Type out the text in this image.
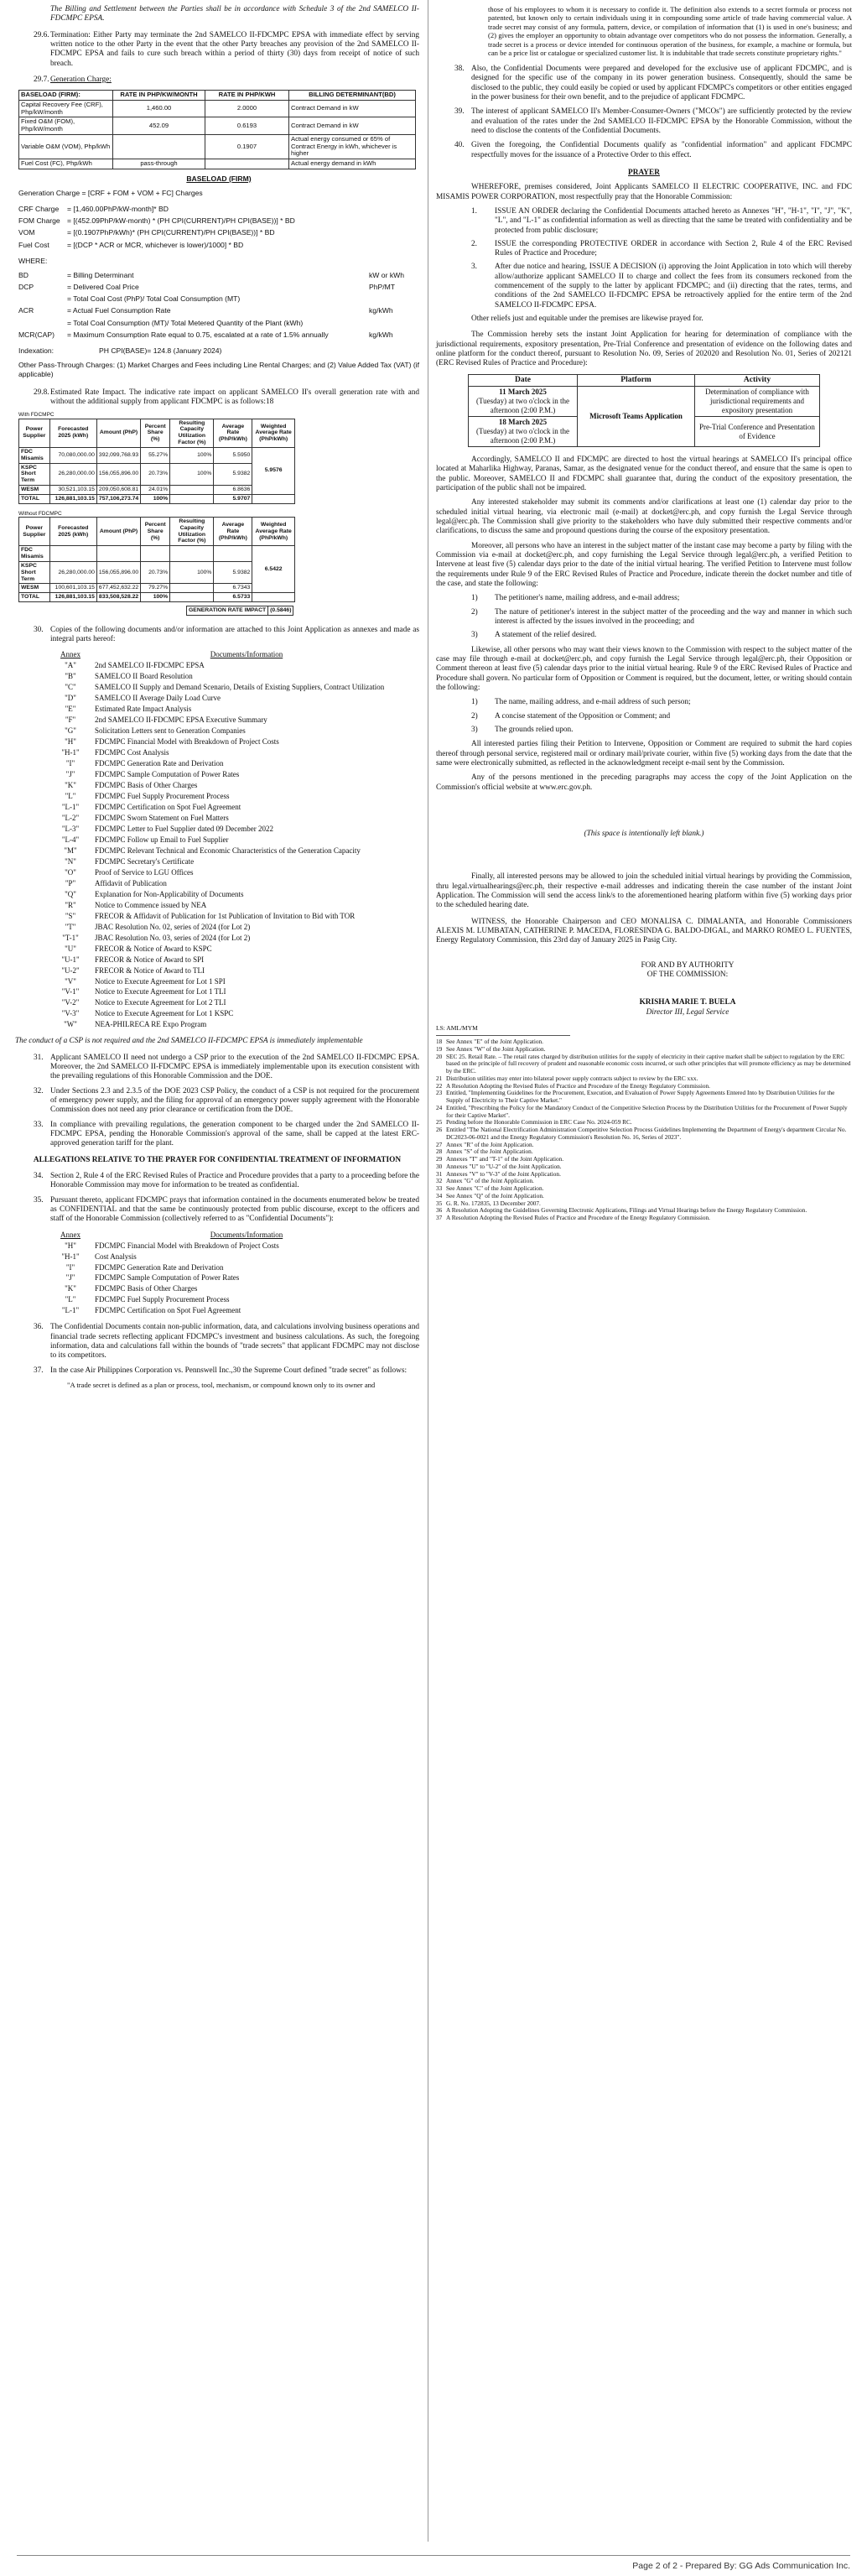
The Billing and Settlement between the Parties shall be in accordance with Schedule 3 of the 2nd SAMELCO II-FDCMPC EPSA.

29.6. Termination: Either Party may terminate the 2nd SAMELCO II-FDCMPC EPSA with immediate effect by serving written notice to the other Party in the event that the other Party breaches any provision of the 2nd SAMELCO II-FDCMPC EPSA and fails to cure such breach within a period of thirty (30) days from receipt of notice of such breach.
29.7. Generation Charge:
BASELOAD (FIRM):	RATE IN PHP/KW/MONTH	RATE IN PHP/KWH	BILLING DETERMINANT(BD)
Capital Recovery Fee (CRF), Php/kW/month	1,460.00	2.0000	Contract Demand in kW
Fixed O&M (FOM), Php/kW/month	452.09	0.6193	Contract Demand in kW
Variable O&M (VOM), Php/kWh		0.1907	Actual energy consumed or 65% of Contract Energy in kWh, whichever is higher
Fuel Cost (FC), Php/kWh	pass-through		Actual energy demand in kWh
BASELOAD (FIRM)
Generation Charge = [CRF + FOM + VOM + FC] Charges
CRF Charge	= [1,460.00PhP/kW-month]* BD
FOM Charge = [(452.09PhP/kW-month) * (PH CPI(CURRENT)/PH CPI(BASE))] * BD
VOM	= [(0.1907PhP/kWh)* (PH CPI(CURRENT)/PH CPI(BASE))] * BD
Fuel Cost	= [(DCP * ACR or MCR, whichever is lower)/1000] * BD
WHERE:
BD	= Billing Determinant	kW or kWh
DCP	= Delivered Coal Price	PhP/MT
= Total Coal Cost (PhP)/ Total Coal Consumption (MT)
ACR	= Actual Fuel Consumption Rate	kg/kWh
= Total Coal Consumption (MT)/ Total Metered Quantity of the Plant (kWh)
MCR(CAP)	= Maximum Consumption Rate equal to 0.75, escalated at a rate of 1.5% annually	kg/kWh
Indexation:	PH CPI(BASE)= 124.8 (January 2024)
Other Pass-Through Charges: (1) Market Charges and Fees including Line Rental Charges; and (2) Value Added Tax (VAT) (if applicable)
29.8. Estimated Rate Impact. The indicative rate impact on applicant SAMELCO II's overall generation rate with and without the additional supply from applicant FDCMPC is as follows:18
With FDCMPC
Power Supplier	Forecasted 2025 (kWh)	Amount (PhP)	Percent Share (%)	Resulting Capacity Utilization Factor (%)	Average Rate (PhP/kWh)	Weighted Average Rate (PhP/kWh)
FDC Misamis	70,080,000.00	392,099,768.93	55.27%	100%	5.5950	5.9576
KSPC Short Term	26,280,000.00	156,055,896.00	20.73%	100%	5.9382	
WESM	30,521,103.15	209,050,608.81	24.01%		6.8636	
TOTAL	126,881,103.15	757,106,273.74	100%		5.9707	
Without FDCMPC
Power Supplier	Forecasted 2025 (kWh)	Amount (PhP)	Percent Share (%)	Resulting Capacity Utilization Factor (%)	Average Rate (PhP/kWh)	Weighted Average Rate (PhP/kWh)
FDC Misamis						6.5422
KSPC Short Term	26,280,000.00	156,055,896.00	20.73%	100%	5.9382	
WESM	100,601,103.15	677,452,632.22	79.27%		6.7343	
TOTAL	126,881,103.15	833,508,528.22	100%		6.5733	
GENERATION RATE IMPACT	(0.5846)
30. Copies of the following documents and/or information are attached to this Joint Application as annexes and made as integral parts hereof:
Annex	Documents/Information
"A"	2nd SAMELCO II-FDCMPC EPSA
"B"	SAMELCO II Board Resolution
"C"	SAMELCO II Supply and Demand Scenario, Details of Existing Suppliers, Contract Utilization
"D"	SAMELCO II Average Daily Load Curve
"E"	Estimated Rate Impact Analysis
"F"	2nd SAMELCO II-FDCMPC EPSA Executive Summary
"G"	Solicitation Letters sent to Generation Companies
"H"	FDCMPC Financial Model with Breakdown of Project Costs
"H-1"	FDCMPC Cost Analysis
"I"	FDCMPC Generation Rate and Derivation
"J"	FDCMPC Sample Computation of Power Rates
"K"	FDCMPC Basis of Other Charges
"L"	FDCMPC Fuel Supply Procurement Process
"L-1"	FDCMPC Certification on Spot Fuel Agreement
"L-2"	FDCMPC Sworn Statement on Fuel Matters
"L-3"	FDCMPC Letter to Fuel Supplier dated 09 December 2022
"L-4"	FDCMPC Follow up Email to Fuel Supplier
"M"	FDCMPC Relevant Technical and Economic Characteristics of the Generation Capacity
"N"	FDCMPC Secretary's Certificate
"O"	Proof of Service to LGU Offices
"P"	Affidavit of Publication
"Q"	Explanation for Non-Applicability of Documents
"R"	Notice to Commence issued by NEA
"S"	FRECOR & Affidavit of Publication for 1st Publication of Invitation to Bid with TOR
"T"	JBAC Resolution No. 02, series of 2024 (for Lot 2)
"T-1"	JBAC Resolution No. 03, series of 2024 (for Lot 2)
"U"	FRECOR & Notice of Award to KSPC
"U-1"	FRECOR & Notice of Award to SPI
"U-2"	FRECOR & Notice of Award to TLI
"V"	Notice to Execute Agreement for Lot 1 SPI
"V-1"	Notice to Execute Agreement for Lot 1 TLI
"V-2"	Notice to Execute Agreement for Lot 2 TLI
"V-3"	Notice to Execute Agreement for Lot 1 KSPC
"W"	NEA-PHILRECA RE Expo Program

The conduct of a CSP is not required and the 2nd SAMELCO II-FDCMPC EPSA is immediately implementable

31. Applicant SAMELCO II need not undergo a CSP prior to the execution of the 2nd SAMELCO II-FDCMPC EPSA. Moreover, the 2nd SAMELCO II-FDCMPC EPSA is immediately implementable upon its execution consistent with the prevailing regulations of this Honorable Commission and the DOE.
32. Under Sections 2.3 and 2.3.5 of the DOE 2023 CSP Policy, the conduct of a CSP is not required for the procurement of emergency power supply, and the filing for approval of an emergency power supply agreement with the Honorable Commission does not need any prior clearance or certification from the DOE.
33. In compliance with prevailing regulations, the generation component to be charged under the 2nd SAMELCO II-FDCMPC EPSA, pending the Honorable Commission's approval of the same, shall be capped at the latest ERC-approved generation tariff for the plant.

ALLEGATIONS RELATIVE TO THE PRAYER FOR CONFIDENTIAL TREATMENT OF INFORMATION

34. Section 2, Rule 4 of the ERC Revised Rules of Practice and Procedure provides that a party to a proceeding before the Honorable Commission may move for information to be treated as confidential.
35. Pursuant thereto, applicant FDCMPC prays that information contained in the documents enumerated below be treated as CONFIDENTIAL and that the same be continuously protected from public discourse, except to the officers and staff of the Honorable Commission (collectively referred to as "Confidential Documents"):
Annex	Documents/Information
"H"	FDCMPC Financial Model with Breakdown of Project Costs
"H-1"	Cost Analysis
"I"	FDCMPC Generation Rate and Derivation
"J"	FDCMPC Sample Computation of Power Rates
"K"	FDCMPC Basis of Other Charges
"L"	FDCMPC Fuel Supply Procurement Process
"L-1"	FDCMPC Certification on Spot Fuel Agreement
36. The Confidential Documents contain non-public information, data, and calculations involving business operations and financial trade secrets reflecting applicant FDCMPC's investment and business calculations. As such, the foregoing information, data and calculations fall within the bounds of "trade secrets" that applicant FDCMPC may not disclose to its competitors.
37. In the case Air Philippines Corporation vs. Pennswell Inc.,30 the Supreme Court defined "trade secret" as follows:

"A trade secret is defined as a plan or process, tool, mechanism, or compound known only to its owner and

those of his employees to whom it is necessary to confide it. The definition also extends to a secret formula or process not patented, but known only to certain individuals using it in compounding some article of trade having commercial value. A trade secret may consist of any formula, pattern, device, or compilation of information that (1) is used in one's business; and (2) gives the employer an opportunity to obtain advantage over competitors who do not possess the information. Generally, a trade secret is a process or device intended for continuous operation of the business, for example, a machine or formula, but can be a price list or catalogue or specialized customer list. It is indubitable that trade secrets constitute proprietary rights."

38. Also, the Confidential Documents were prepared and developed for the exclusive use of applicant FDCMPC, and is designed for the specific use of the company in its power generation business. Consequently, should the same be disclosed to the public, they could easily be copied or used by applicant FDCMPC's competitors or other entities engaged in the power business for their own benefit, and to the prejudice of applicant FDCMPC.
39. The interest of applicant SAMELCO II's Member-Consumer-Owners ("MCOs") are sufficiently protected by the review and evaluation of the rates under the 2nd SAMELCO II-FDCMPC EPSA by the Honorable Commission, without the need to disclose the contents of the Confidential Documents.
40. Given the foregoing, the Confidential Documents qualify as "confidential information" and applicant FDCMPC respectfully moves for the issuance of a Protective Order to this effect.

PRAYER

WHEREFORE, premises considered, Joint Applicants SAMELCO II ELECTRIC COOPERATIVE, INC. and FDC MISAMIS POWER CORPORATION, most respectfully pray that the Honorable Commission:

1.	ISSUE AN ORDER declaring the Confidential Documents attached hereto as Annexes "H", "H-1", "I", "J", "K", "L", and "L-1" as confidential information as well as directing that the same be treated with confidentiality and be protected from public disclosure;
2.	ISSUE the corresponding PROTECTIVE ORDER in accordance with Section 2, Rule 4 of the ERC Revised Rules of Practice and Procedure;
3.	After due notice and hearing, ISSUE A DECISION (i) approving the Joint Application in toto which will thereby allow/authorize applicant SAMELCO II to charge and collect the fees from its consumers reckoned from the commencement of the supply to the latter by applicant FDCMPC; and (ii) directing that the rates, terms, and conditions of the 2nd SAMELCO II-FDCMPC EPSA be retroactively applied for the entire term of the 2nd SAMELCO II-FDCMPC EPSA.

Other reliefs just and equitable under the premises are likewise prayed for.

The Commission hereby sets the instant Joint Application for hearing for determination of compliance with the jurisdictional requirements, expository presentation, Pre-Trial Conference and presentation of evidence on the following dates and online platform for the conduct thereof, pursuant to Resolution No. 09, Series of 202020 and Resolution No. 01, Series of 202121 (ERC Revised Rules of Practice and Procedure):

Date	Platform	Activity

11 March 2025
(Tuesday) at two o'clock in the afternoon (2:00 P.M.)	Microsoft Teams Application	Determination of compliance with jurisdictional requirements and expository presentation

18 March 2025
(Tuesday) at two o'clock in the afternoon (2:00 P.M.)		Pre-Trial Conference and Presentation of Evidence

Accordingly, SAMELCO II and FDCMPC are directed to host the virtual hearings at SAMELCO II's principal office located at Maharlika Highway, Paranas, Samar, as the designated venue for the conduct thereof, and ensure that the same is open to the public. Moreover, SAMELCO II and FDCMPC shall guarantee that, during the conduct of the expository presentation, the participation of the public shall not be impaired.

Any interested stakeholder may submit its comments and/or clarifications at least one (1) calendar day prior to the scheduled initial virtual hearing, via electronic mail (e-mail) at docket@erc.ph, and copy furnish the Legal Service through legal@erc.ph. The Commission shall give priority to the stakeholders who have duly submitted their respective comments and/or clarifications, to discuss the same and propound questions during the course of the expository presentation.

Moreover, all persons who have an interest in the subject matter of the instant case may become a party by filing with the Commission via e-mail at docket@erc.ph, and copy furnishing the Legal Service through legal@erc.ph, a verified Petition to Intervene at least five (5) calendar days prior to the date of the initial virtual hearing. The verified Petition to Intervene must follow the requirements under Rule 9 of the ERC Revised Rules of Practice and Procedure, indicate therein the docket number and title of the case, and state the following:

1)	The petitioner's name, mailing address, and e-mail address;
2)	The nature of petitioner's interest in the subject matter of the proceeding and the way and manner in which such interest is affected by the issues involved in the proceeding; and
3)	A statement of the relief desired.

Likewise, all other persons who may want their views known to the Commission with respect to the subject matter of the case may file through e-mail at docket@erc.ph, and copy furnish the Legal Service through legal@erc.ph, their Opposition or Comment thereon at least five (5) calendar days prior to the initial virtual hearing. Rule 9 of the ERC Revised Rules of Practice and Procedure shall govern. No particular form of Opposition or Comment is required, but the document, letter, or writing should contain the following:

1)	The name, mailing address, and e-mail address of such person;
2)	A concise statement of the Opposition or Comment; and
3)	The grounds relied upon.

All interested parties filing their Petition to Intervene, Opposition or Comment are required to submit the hard copies thereof through personal service, registered mail or ordinary mail/private courier, within five (5) working days from the date that the same were electronically submitted, as reflected in the acknowledgment receipt e-mail sent by the Commission.

Any of the persons mentioned in the preceding paragraphs may access the copy of the Joint Application on the Commission's official website at www.erc.gov.ph.

(This space is intentionally left blank.)

Finally, all interested persons may be allowed to join the scheduled initial virtual hearings by providing the Commission, thru legal.virtualhearings@erc.ph, their respective e-mail addresses and indicating therein the case number of the instant Joint Application. The Commission will send the access link/s to the aforementioned hearing platform within five (5) working days prior to the scheduled hearing date.

WITNESS, the Honorable Chairperson and CEO MONALISA C. DIMALANTA, and Honorable Commissioners ALEXIS M. LUMBATAN, CATHERINE P. MACEDA, FLORESINDA G. BALDO-DIGAL, and MARKO ROMEO L. FUENTES, Energy Regulatory Commission, this 23rd day of January 2025 in Pasig City.

FOR AND BY AUTHORITY
OF THE COMMISSION:
KRISHA MARIE T. BUELA
Director III, Legal Service
LS: AML/MYM
18 See Annex "E" of the Joint Application.
19 See Annex "W" of the Joint Application.
20 SEC 25. Retail Rate. – The retail rates charged by distribution utilities for the supply of electricity in their captive market shall be subject to regulation by the ERC based on the principle of full recovery of prudent and reasonable economic costs incurred, or such other principles that will promote efficiency as may be determined by the ERC.
21 Distribution utilities may enter into bilateral power supply contracts subject to review by the ERC xxx.
22 A Resolution Adopting the Revised Rules of Practice and Procedure of the Energy Regulatory Commission.
23 Entitled, "Implementing Guidelines for the Procurement, Execution, and Evaluation of Power Supply Agreements Entered Into by Distribution Utilities for the Supply of Electricity to Their Captive Market."
24 Entitled, "Prescribing the Policy for the Mandatory Conduct of the Competitive Selection Process by the Distribution Utilities for the Procurement of Power Supply for their Captive Market".
25 Pending before the Honorable Commission in ERC Case No. 2024-059 RC.
26 Entitled "The National Electrification Administration Competitive Selection Process Guidelines Implementing the Department of Energy's department Circular No. DC2023-06-0021 and the Energy Regulatory Commission's Resolution No. 16, Series of 2023".
27 Annex "R" of the Joint Application.
28 Annex "S" of the Joint Application.
29 Annexes "T" and "T-1" of the Joint Application.
30 Annexes "U" to "U-2" of the Joint Application.
31 Annexes "V" to "V-3" of the Joint Application.
32 Annex "G" of the Joint Application.
33 See Annex "C" of the Joint Application.
34 See Annex "Q" of the Joint Application.
35 G. R. No. 172835, 13 December 2007.
36 A Resolution Adopting the Guidelines Governing Electronic Applications, Filings and Virtual Hearings before the Energy Regulatory Commission.
37 A Resolution Adopting the Revised Rules of Practice and Procedure of the Energy Regulatory Commission.
Page 2 of 2 - Prepared By: GG Ads Communication Inc.
